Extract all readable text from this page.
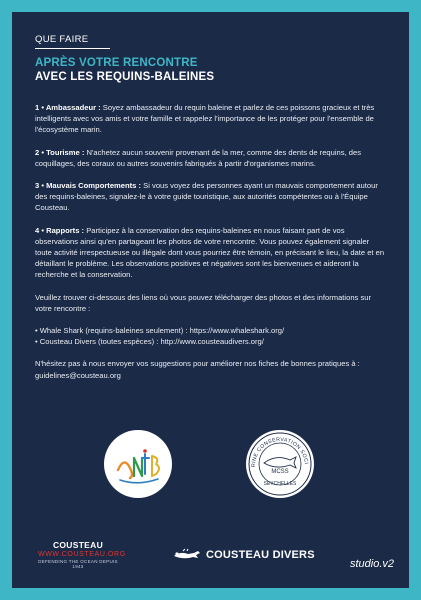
QUE FAIRE
APRÈS VOTRE RENCONTRE
AVEC LES REQUINS-BALEINES

1 • Ambassadeur : Soyez ambassadeur du requin baleine et parlez de ces poissons gracieux et très intelligents avec vos amis et votre famille et rappelez l'importance de les protéger pour l'ensemble de l'écosystème marin.

2 • Tourisme : N'achetez aucun souvenir provenant de la mer, comme des dents de requins, des coquillages, des coraux ou autres souvenirs fabriqués à partir d'organismes marins.

3 • Mauvais Comportements : Si vous voyez des personnes ayant un mauvais comportement autour des requins-baleines, signalez-le à votre guide touristique, aux autorités compétentes ou à l'Équipe Cousteau.

4 • Rapports : Participez à la conservation des requins-baleines en nous faisant part de vos observations ainsi qu'en partageant les photos de votre rencontre. Vous pouvez également signaler toute activité irrespectueuse ou illégale dont vous pourriez être témoin, en précisant le lieu, la date et en détaillant le problème. Les observations positives et négatives sont les bienvenues et aideront la recherche et la conservation.

Veuillez trouver ci-dessous des liens où vous pouvez télécharger des photos et des informations sur votre rencontre :

• Whale Shark (requins-baleines seulement) : https://www.whaleshark.org/
• Cousteau Divers (toutes espèces) : http://www.cousteaudivers.org/

N'hésitez pas à nous envoyer vos suggestions pour améliorer nos fiches de bonnes pratiques à : guidelines@cousteau.org

RINE CONSERVATION SOCI
MCSS
SEYCHELLES
COUSTEAU
WWW.COUSTEAU.ORG
DEFENDING THE OCEAN DEPUIS 1943
COUSTEAU DIVERS
studio.v2
